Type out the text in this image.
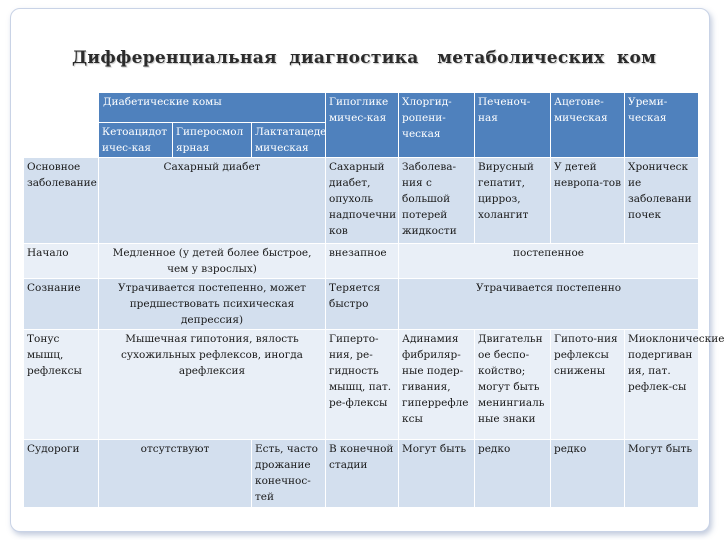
Дифференциальная  диагностика   метаболических  ком
	Диабетические комы			Гипоглике мичес-кая	Хлоргид-ропени-ческая	Печеноч-ная	Ацетоне-мическая	Уреми-ческая
	Кетоацидот ичес-кая	Гиперосмол ярная	Лактатацеде мическая					
Основное заболевание	Сахарный диабет			Сахарный диабет, опухоль надпочечни ков	Заболева-ния с большой потерей жидкости	Вирусный гепатит, цирроз, холангит	У детей невропа-тов	Хроническ ие заболевани почек
Начало	Медленное (у детей более быстрое, чем у взрослых)			внезапное	постепенное			
Сознание	Утрачивается постепенно, может предшествовать психическая депрессия)			Теряется быстро	Утрачивается постепенно			
Тонус мышц, рефлексы	Мышечная гипотония, вялость сухожильных рефлексов, иногда арефлексия			Гиперто-ния, ре-гидность мышц, пат. ре-флексы	Адинамия фибриляр-ные подер-гивания, гиперрефле ксы	Двигательн ое беспо-койство; могут быть менингиаль ные знаки	Гипото-ния рефлексы снижены	Миоклонические подергиван ия, пат. рефлек-сы
Судороги	отсутствуют		Есть, часто дрожание конечнос-тей	В конечной стадии	Могут быть	редко	редко	Могут быть
